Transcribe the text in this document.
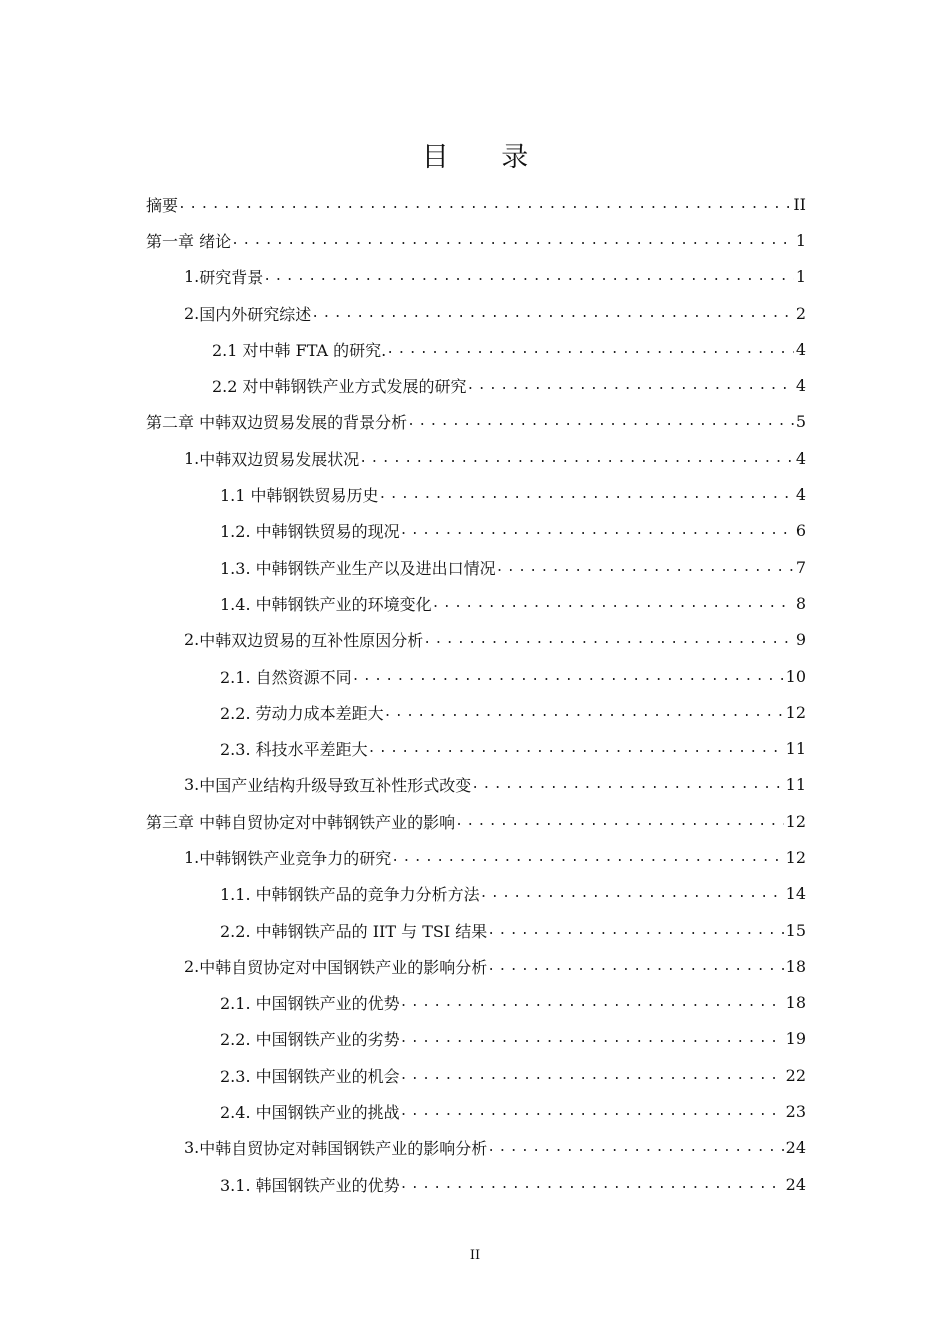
目 录
摘要 .....	II
第一章 绪论 .....	1
1. 研究背景 .....	1
2. 国内外研究综述 .....	2
2.1 对中韩 FTA 的研究. .....	4
2.2 对中韩钢铁产业方式发展的研究 .....	4
第二章 中韩双边贸易发展的背景分析 .....	5
1. 中韩双边贸易发展状况 .....	4
1.1 中韩钢铁贸易历史 .....	4
1.2. 中韩钢铁贸易的现况 .....	6
1.3. 中韩钢铁产业生产以及进出口情况 .....	7
1.4. 中韩钢铁产业的环境变化 .....	8
2. 中韩双边贸易的互补性原因分析 .....	9
2.1. 自然资源不同 .....	10
2.2. 劳动力成本差距大 .....	12
2.3. 科技水平差距大 .....	11
3. 中国产业结构升级导致互补性形式改变 .....	11
第三章 中韩自贸协定对中韩钢铁产业的影响 .....	12
1. 中韩钢铁产业竞争力的研究 .....	12
1.1. 中韩钢铁产品的竞争力分析方法 .....	14
2.2. 中韩钢铁产品的 IIT 与 TSI 结果 .....	15
2. 中韩自贸协定对中国钢铁产业的影响分析 .....	18
2.1. 中国钢铁产业的优势 .....	18
2.2. 中国钢铁产业的劣势 .....	19
2.3. 中国钢铁产业的机会 .....	22
2.4. 中国钢铁产业的挑战 .....	23
3. 中韩自贸协定对韩国钢铁产业的影响分析 .....	24
3.1. 韩国钢铁产业的优势 .....	24
II
